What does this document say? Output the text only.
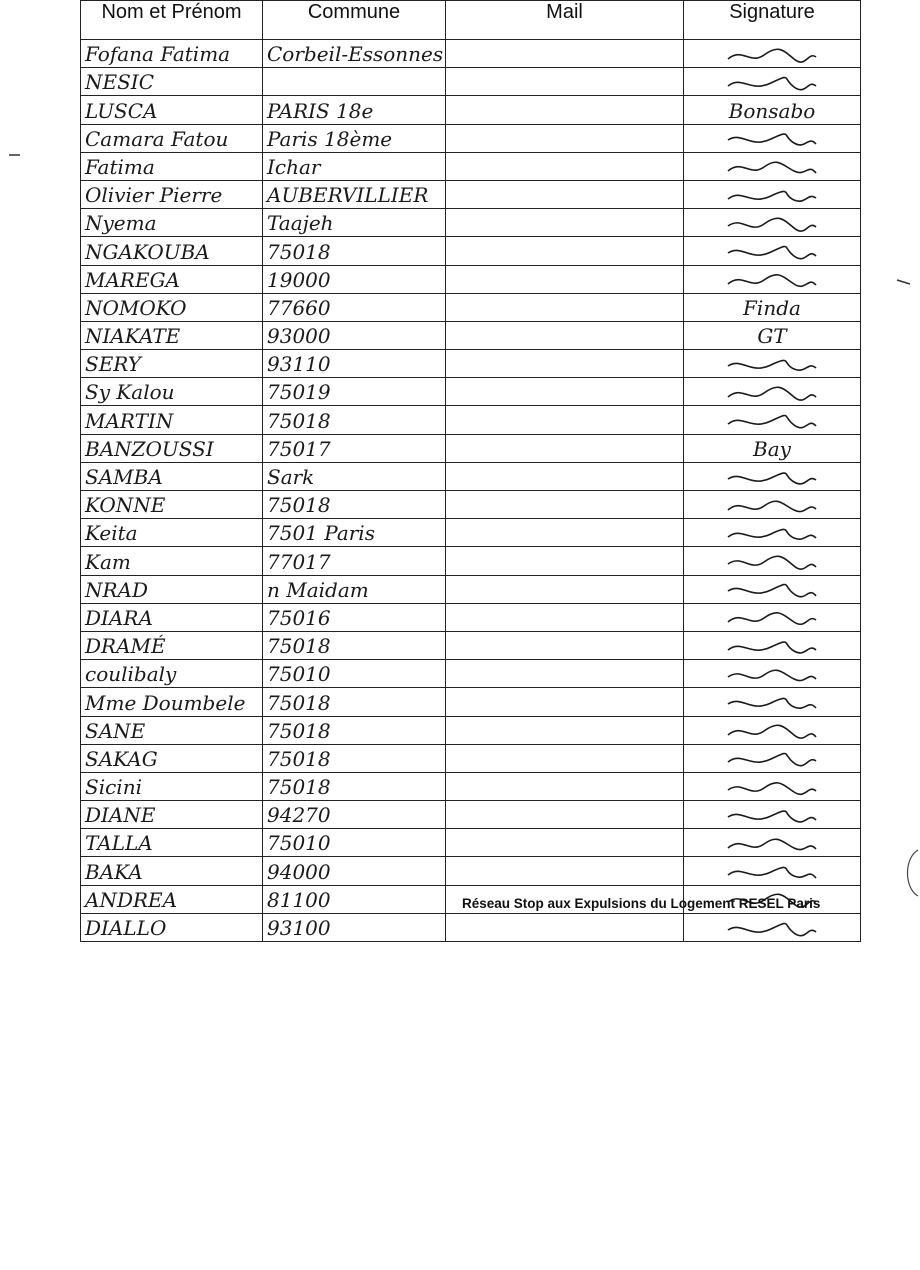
Nom et Prénom	Commune	Mail	Signature
Fofana Fatima	Corbeil-Essonnes		
NESIC			
LUSCA	PARIS 18e		Bonsabo
Camara Fatou	Paris 18ème		
Fatima	Ichar		
Olivier Pierre	AUBERVILLIER		
Nyema	Taajeh		
NGAKOUBA	75018		
MAREGA	19000		
NOMOKO	77660		Finda
NIAKATE	93000		GT
SERY	93110		
Sy Kalou	75019		
MARTIN	75018		
BANZOUSSI	75017		Bay
SAMBA	Sark		
KONNE	75018		
Keita	7501 Paris		
Kam	77017		
NRAD	n Maidam		
DIARA	75016		
DRAMÉ	75018		
coulibaly	75010		
Mme Doumbele	75018		
SANE	75018		
SAKAG	75018		
Sicini	75018		
DIANE	94270		
TALLA	75010		
BAKA	94000		
ANDREA	81100		
DIALLO	93100		
Réseau Stop aux Expulsions du Logement RESEL Paris
